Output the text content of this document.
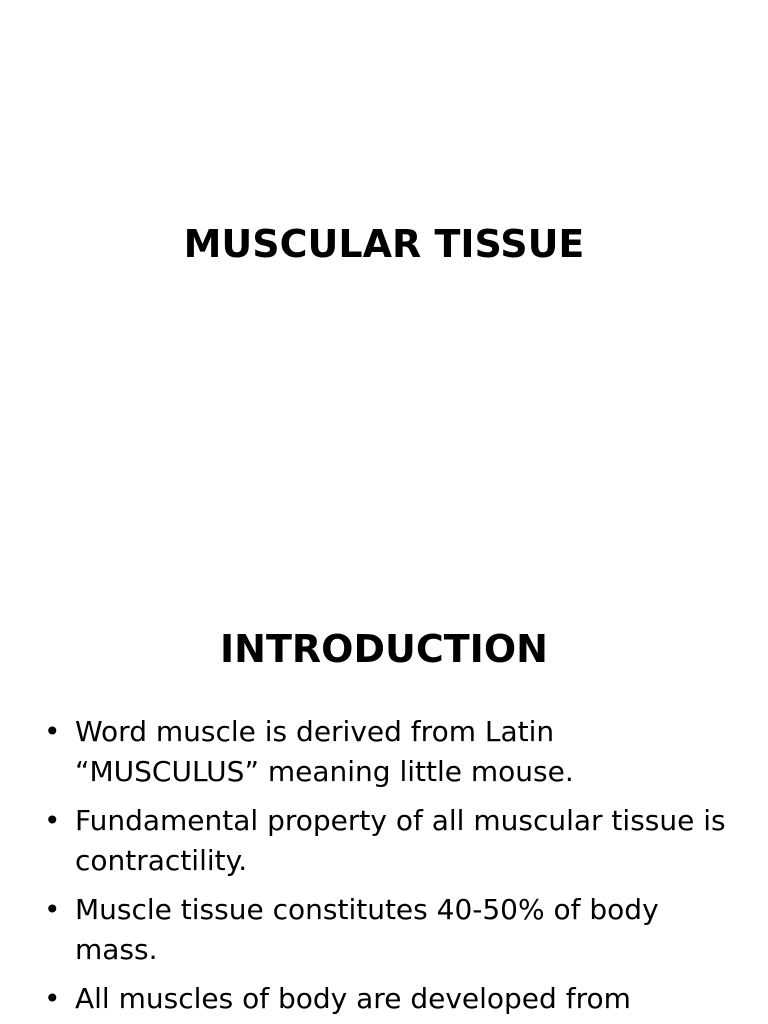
MUSCULAR TISSUE
INTRODUCTION
• Word muscle is derived from Latin “MUSCULUS” meaning little mouse.
• Fundamental property of all muscular tissue is contractility.
• Muscle tissue constitutes 40-50% of body mass.
• All muscles of body are developed from
